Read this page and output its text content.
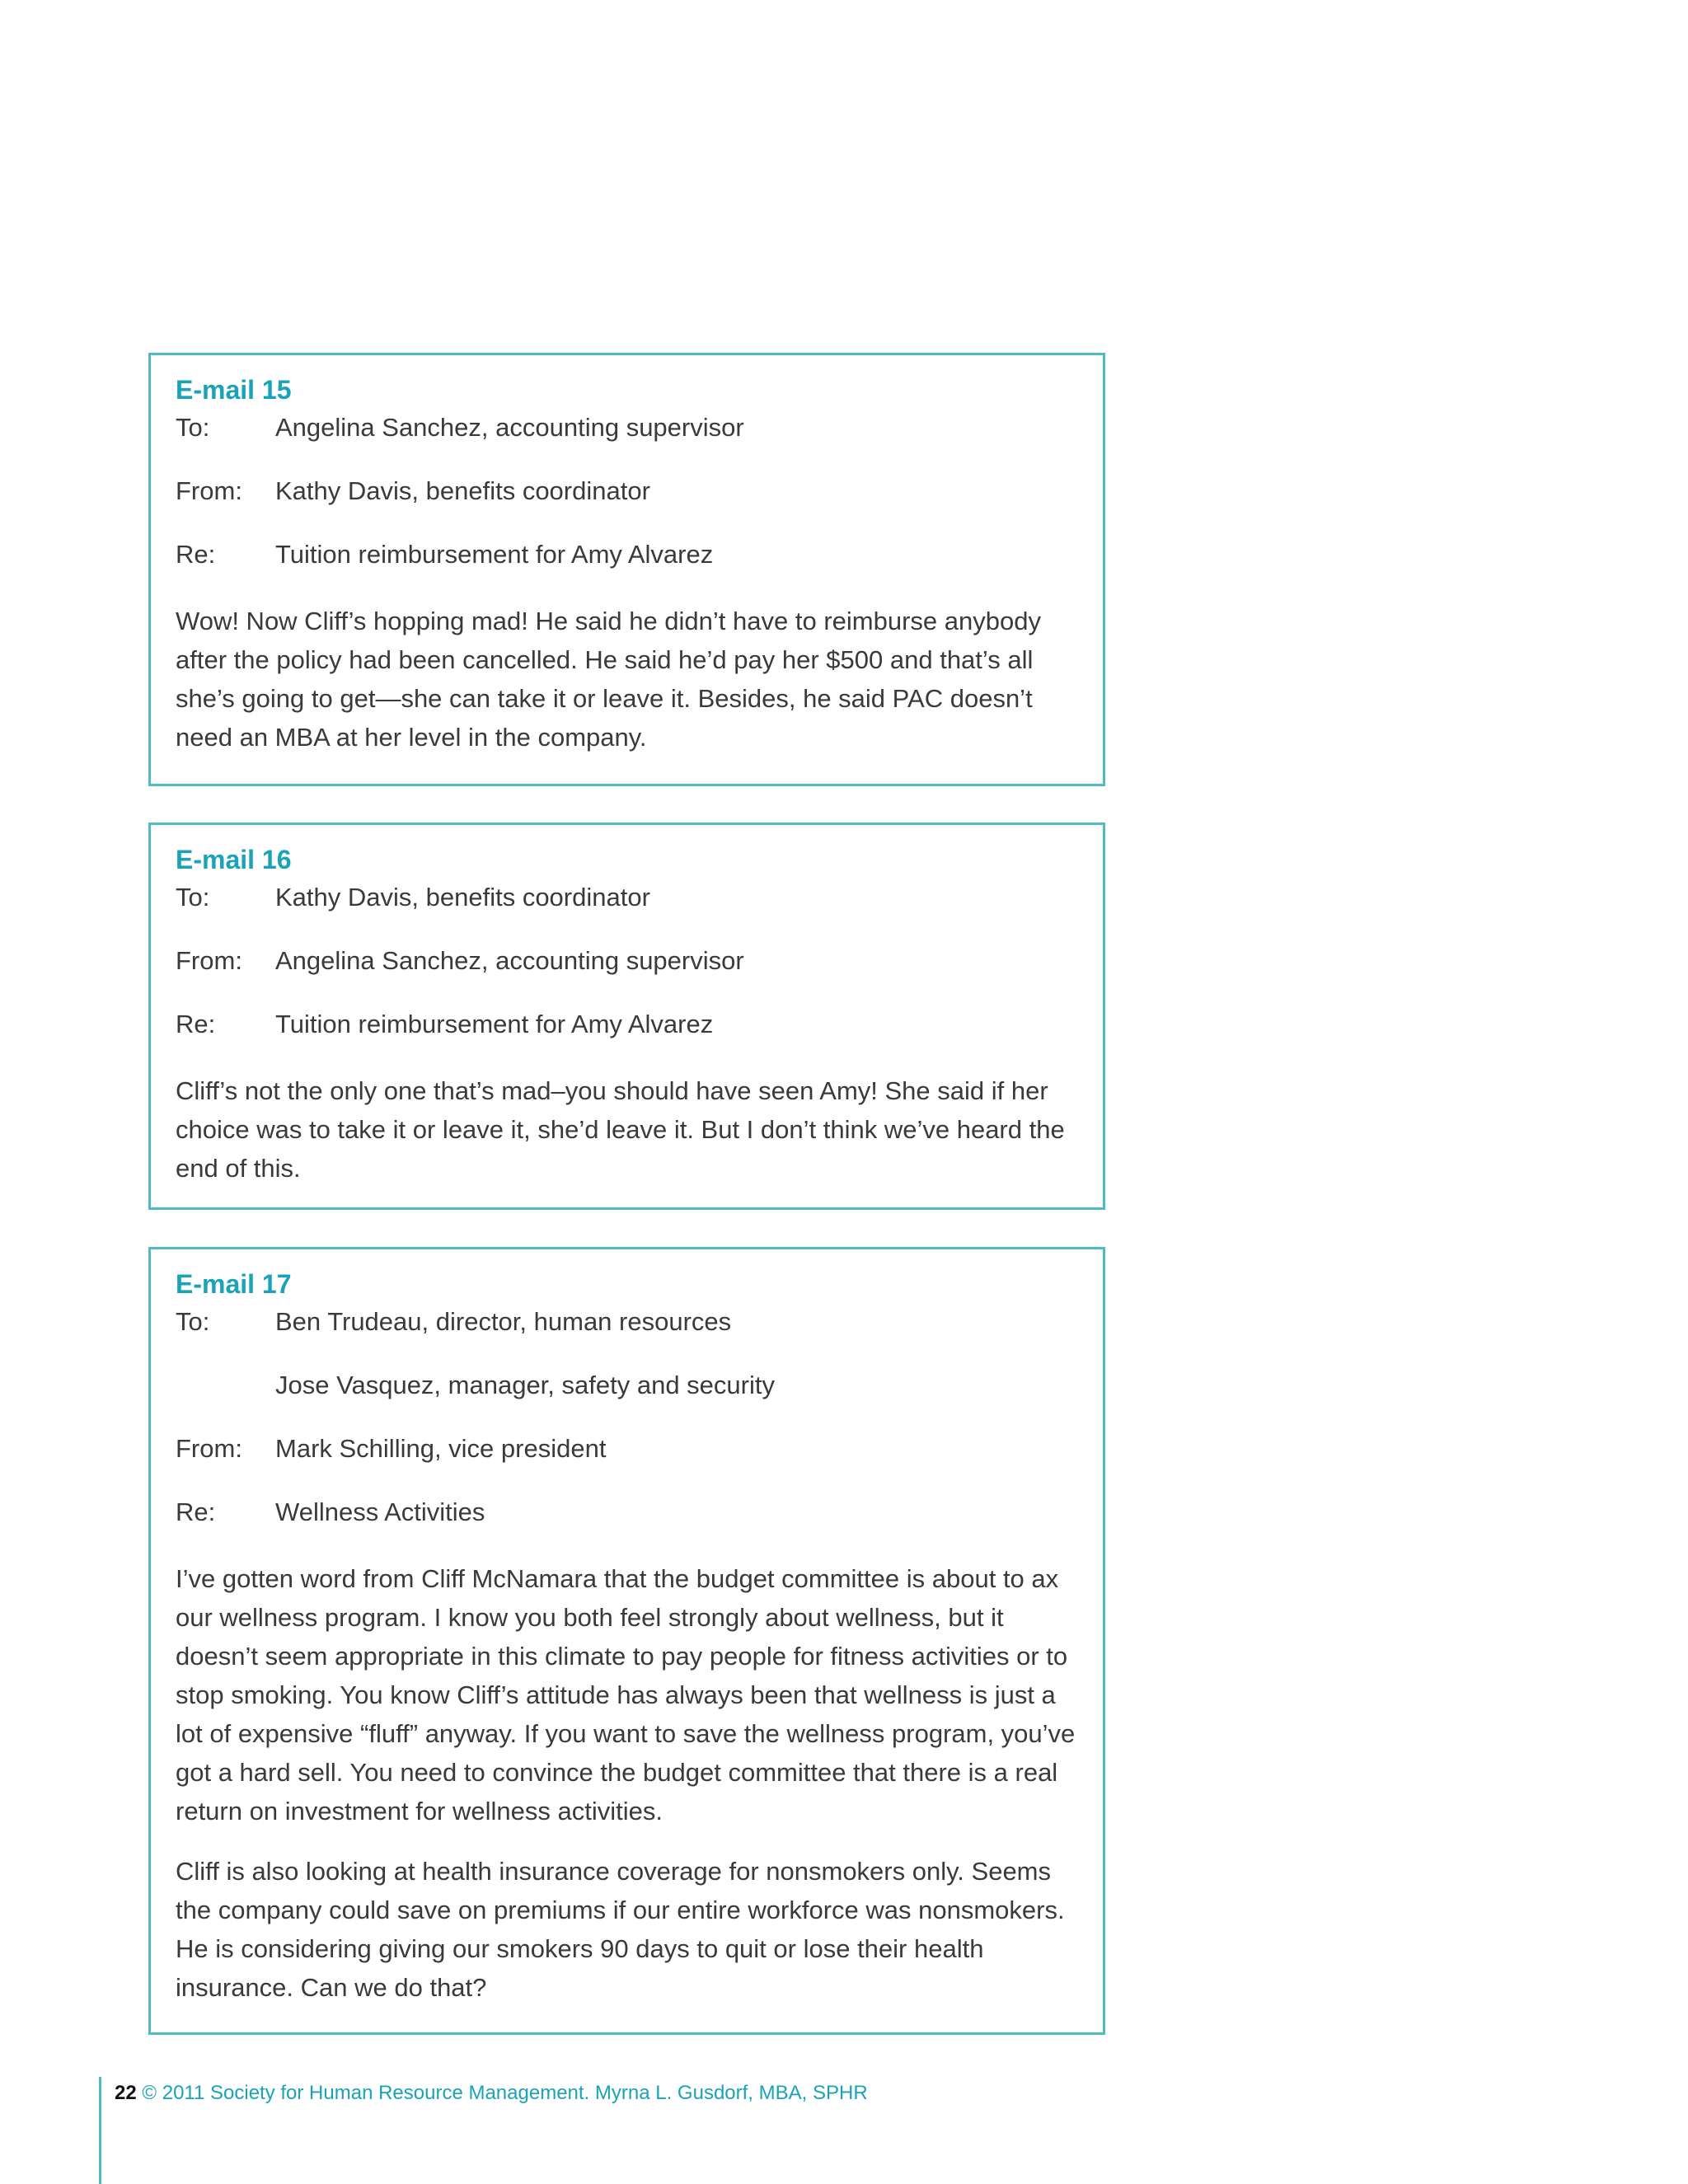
E-mail 15
To:	Angelina Sanchez, accounting supervisor
From:	Kathy Davis, benefits coordinator
Re:	Tuition reimbursement for Amy Alvarez

Wow! Now Cliff’s hopping mad! He said he didn’t have to reimburse anybody after the policy had been cancelled. He said he’d pay her $500 and that’s all she’s going to get—she can take it or leave it. Besides, he said PAC doesn’t need an MBA at her level in the company.

E-mail 16
To:	Kathy Davis, benefits coordinator
From:	Angelina Sanchez, accounting supervisor
Re:	Tuition reimbursement for Amy Alvarez

Cliff’s not the only one that’s mad–you should have seen Amy! She said if her choice was to take it or leave it, she’d leave it. But I don’t think we’ve heard the end of this.

E-mail 17
To:	Ben Trudeau, director, human resources
Jose Vasquez, manager, safety and security
From:	Mark Schilling, vice president
Re:	Wellness Activities

I’ve gotten word from Cliff McNamara that the budget committee is about to ax our wellness program. I know you both feel strongly about wellness, but it doesn’t seem appropriate in this climate to pay people for fitness activities or to stop smoking. You know Cliff’s attitude has always been that wellness is just a lot of expensive “fluff” anyway. If you want to save the wellness program, you’ve got a hard sell. You need to convince the budget committee that there is a real return on investment for wellness activities.

Cliff is also looking at health insurance coverage for nonsmokers only. Seems the company could save on premiums if our entire workforce was nonsmokers. He is considering giving our smokers 90 days to quit or lose their health insurance. Can we do that?

22 © 2011 Society for Human Resource Management. Myrna L. Gusdorf, MBA, SPHR
